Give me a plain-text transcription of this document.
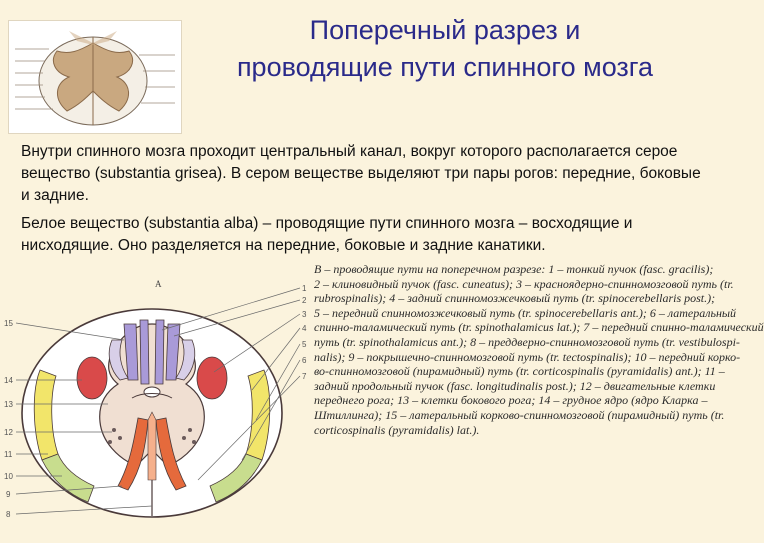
Поперечный разрез и
проводящие пути спинного мозга
Внутри спинного мозга проходит центральный канал, вокруг которого располагается серое вещество (substantia grisea). В сером веществе выделяют три пары рогов: передние, боковые и задние.
Белое вещество (substantia alba) – проводящие пути спинного мозга – восходящие и нисходящие. Оно разделяется на передние, боковые и задние канатики.
А
15
14
13
12
11
10
9
8
1
2
3
4
5
6
7
В – проводящие пути на поперечном разрезе: 1 – тонкий пучок (fasc. gracilis);
2 – клиновидный пучок (fasc. cuneatus); 3 – красноядерно-спинномозговой путь (tr.
rubrospinalis); 4 – задний спинномозжечковый путь (tr. spinocerebellaris post.);
5 – передний спинномозжечковый путь (tr. spinocerebellaris ant.); 6 – латеральный
спинно-таламический путь (tr. spinothalamicus lat.); 7 – передний спинно-таламический
путь (tr. spinothalamicus ant.); 8 – преддверно-спинномозговой путь (tr. vestibulospi-
nalis); 9 – покрышечно-спинномозговой путь (tr. tectospinalis); 10 – передний корко-
во-спинномозговой (пирамидный) путь (tr. corticospinalis (pyramidalis) ant.); 11 –
задний продольный пучок (fasc. longitudinalis post.); 12 – двигательные клетки
переднего рога; 13 – клетки бокового рога; 14 – грудное ядро (ядро Кларка –
Штиллинга); 15 – латеральный корково-спинномозговой (пирамидный) путь (tr.
corticospinalis (pyramidalis) lat.).
